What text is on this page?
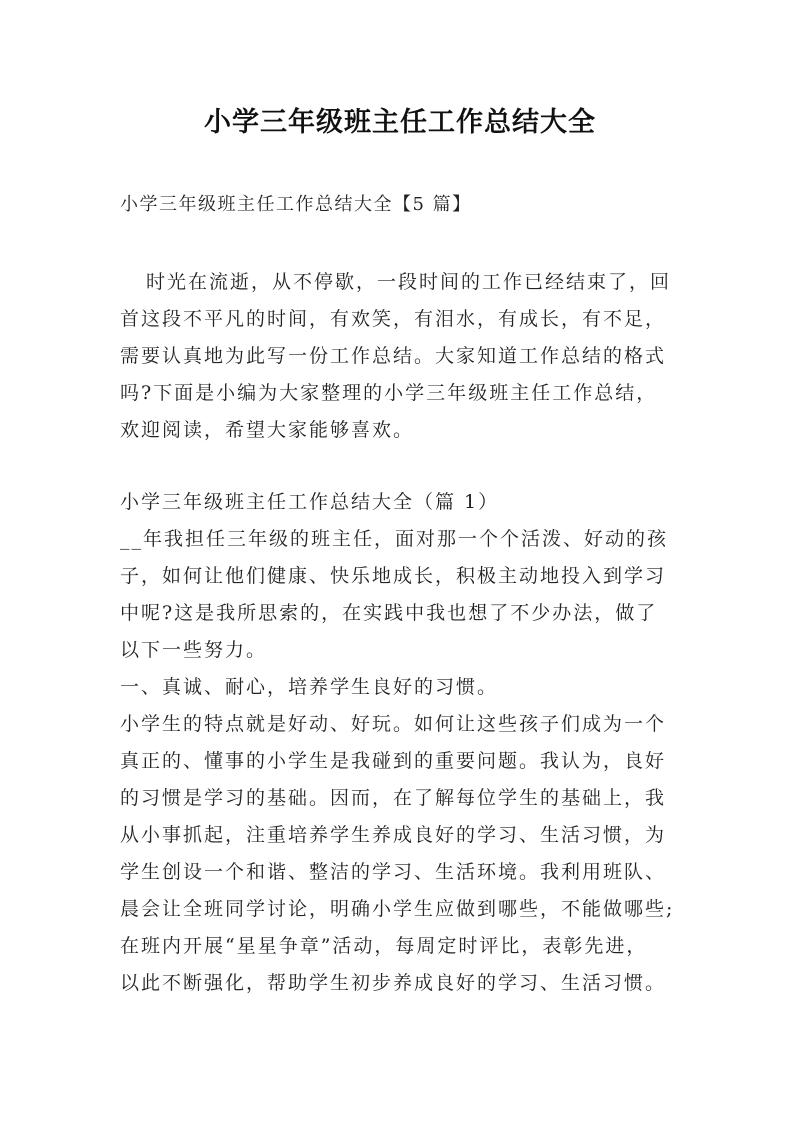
小学三年级班主任工作总结大全

小学三年级班主任工作总结大全【5 篇】

时光在流逝，从不停歇，一段时间的工作已经结束了，回
首这段不平凡的时间，有欢笑，有泪水，有成长，有不足，
需要认真地为此写一份工作总结。大家知道工作总结的格式
吗?下面是小编为大家整理的小学三年级班主任工作总结，
欢迎阅读，希望大家能够喜欢。
小学三年级班主任工作总结大全（篇 1）
__年我担任三年级的班主任，面对那一个个活泼、好动的孩
子，如何让他们健康、快乐地成长，积极主动地投入到学习
中呢?这是我所思索的，在实践中我也想了不少办法，做了
以下一些努力。
一、真诚、耐心，培养学生良好的习惯。
小学生的特点就是好动、好玩。如何让这些孩子们成为一个
真正的、懂事的小学生是我碰到的重要问题。我认为，良好
的习惯是学习的基础。因而，在了解每位学生的基础上，我
从小事抓起，注重培养学生养成良好的学习、生活习惯，为
学生创设一个和谐、整洁的学习、生活环境。我利用班队、
晨会让全班同学讨论，明确小学生应做到哪些，不能做哪些;
在班内开展“星星争章”活动，每周定时评比，表彰先进，
以此不断强化，帮助学生初步养成良好的学习、生活习惯。
